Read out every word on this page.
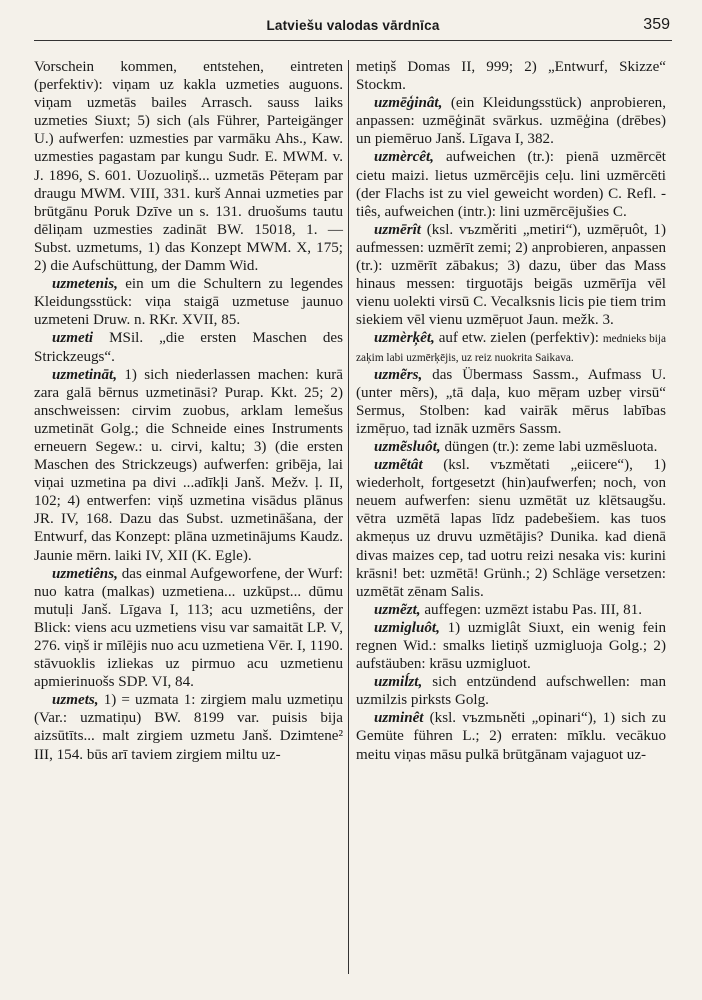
Latviešu valodas vārdnīca	359

Vorschein kommen, entstehen, eintreten (perfektiv): viņam uz kakla uzmeties auguons. viņam uzmetās bailes Arrasch. sauss laiks uzmeties Siuxt; 5) sich (als Führer, Parteigänger U.) aufwerfen: uzmesties par varmāku Ahs., Kaw. uzmesties pagastam par kungu Sudr. E. MWM. v. J. 1896, S. 601. Uozuoliņš... uzmetās Pēteŗam par draugu MWM. VIII, 331. kurš Annai uzmeties par brūtgānu Poruk Dzīve un s. 131. druošums tautu dēliņam uzmesties zadināt BW. 15018, 1. — Subst. uzmetums, 1) das Konzept MWM. X, 175; 2) die Aufschüttung, der Damm Wid.

uzmetenis, ein um die Schultern zu legendes Kleidungsstück: viņa staigā uzmetuse jaunuo uzmeteni Druw. n. RKr. XVII, 85.

uzmeti MSil. „die ersten Maschen des Strickzeugs“.

uzmetināt, 1) sich niederlassen machen: kurā zara galā bērnus uzmetināsi? Purap. Kkt. 25; 2) anschweissen: cirvim zuobus, arklam lemešus uzmetināt Golg.; die Schneide eines Instruments erneuern Segew.: u. cirvi, kaltu; 3) (die ersten Maschen des Strickzeugs) aufwerfen: gribēja, lai viņai uzmetina pa divi ...adīkļi Janš. Mežv. ļ. II, 102; 4) entwerfen: viņš uzmetina visādus plānus JR. IV, 168. Dazu das Subst. uzmetināšana, der Entwurf, das Konzept: plāna uzmetinājums Kaudz. Jaunie mērn. laiki IV, XII (K. Egle).

uzmetiêns, das einmal Aufgeworfene, der Wurf: nuo katra (malkas) uzmetiena... uzkūpst... dūmu mutuļi Janš. Līgava I, 113; acu uzmetiêns, der Blick: viens acu uzmetiens visu var samaitāt LP. V, 276. viņš ir mīlējis nuo acu uzmetiena Vēr. I, 1190. stāvuoklis izliekas uz pirmuo acu uzmetienu apmierinuošs SDP. VI, 84.

uzmets, 1) = uzmata 1: zirgiem malu uzmetiņu (Var.: uzmatiņu) BW. 8199 var. puisis bija aizsūtīts... malt zirgiem uzmetu Janš. Dzimtene² III, 154. būs arī taviem zirgiem miltu uz-

metiņš Domas II, 999; 2) „Entwurf, Skizze“ Stockm.

uzmēģinât, (ein Kleidungsstück) anprobieren, anpassen: uzmēģināt svārkus. uzmēģina (drēbes) un piemēruo Janš. Līgava I, 382.

uzmèrcêt, aufweichen (tr.): pienā uzmērcēt cietu maizi. lietus uzmērcējis ceļu. lini uzmērcēti (der Flachs ist zu viel geweicht worden) C. Refl. -tiês, aufweichen (intr.): lini uzmērcējušies C.

uzmērît (ksl. vъzměriti „metiri“), uzmēŗuôt, 1) aufmessen: uzmērīt zemi; 2) anprobieren, anpassen (tr.): uzmērīt zābakus; 3) dazu, über das Mass hinaus messen: tirguotājs beigās uzmērīja vēl vienu uolekti virsū C. Vecalksnis licis pie tiem trim siekiem vēl vienu uzmēŗuot Jaun. mežk. 3.

uzmèrķêt, auf etw. zielen (perfektiv): mednieks bija zaķim labi uzmērķējis, uz reiz nuokrita Saikava.

uzmẽrs, das Übermass Sassm., Aufmass U. (unter mẽrs), „tā daļa, kuo mēŗam uzbeŗ virsū“ Sermus, Stolben: kad vairāk mērus labības izmēŗuo, tad iznāk uzmērs Sassm.

uzmẽsluôt, düngen (tr.): zeme labi uzmēsluota.

uzmẽtât (ksl. vъzmětati „eiicere“), 1) wiederholt, fortgesetzt (hin)aufwerfen; noch, von neuem aufwerfen: sienu uzmētāt uz klētsaugšu. vētra uzmētā lapas līdz padebešiem. kas tuos akmeņus uz druvu uzmētājis? Dunika. kad dienā divas maizes cep, tad uotru reizi nesaka vis: kurini krāsni! bet: uzmētā! Grünh.; 2) Schläge versetzen: uzmētāt zēnam Salis.

uzmẽzt, auffegen: uzmēzt istabu Pas. III, 81.

uzmigluôt, 1) uzmiglât Siuxt, ein wenig fein regnen Wid.: smalks lietiņš uzmigluoja Golg.; 2) aufstäuben: krāsu uzmigluot.

uzmiĺzt, sich entzündend aufschwellen: man uzmilzis pirksts Golg.

uzminêt (ksl. vъzmьněti „opinari“), 1) sich zu Gemüte führen L.; 2) erraten: mīklu. vecākuo meitu viņas māsu pulkā brūtgānam vajaguot uz-
